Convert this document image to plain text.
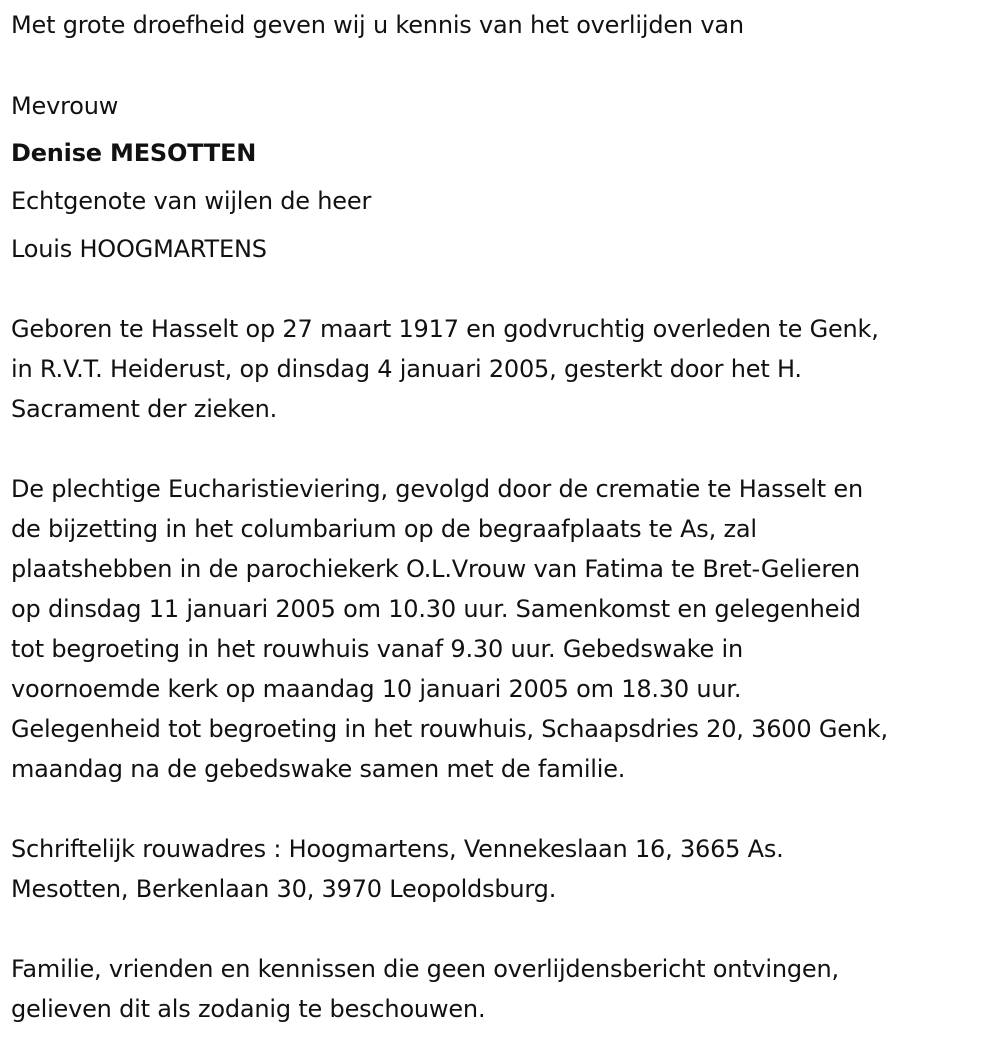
Met grote droefheid geven wij u kennis van het overlijden van
Mevrouw
Denise MESOTTEN
Echtgenote van wijlen de heer
Louis HOOGMARTENS
Geboren te Hasselt op 27 maart 1917 en godvruchtig overleden te Genk,
in R.V.T. Heiderust, op dinsdag 4 januari 2005, gesterkt door het H.
Sacrament der zieken.
De plechtige Eucharistieviering, gevolgd door de crematie te Hasselt en
de bijzetting in het columbarium op de begraafplaats te As, zal
plaatshebben in de parochiekerk O.L.Vrouw van Fatima te Bret-Gelieren
op dinsdag 11 januari 2005 om 10.30 uur. Samenkomst en gelegenheid
tot begroeting in het rouwhuis vanaf 9.30 uur. Gebedswake in
voornoemde kerk op maandag 10 januari 2005 om 18.30 uur.
Gelegenheid tot begroeting in het rouwhuis, Schaapsdries 20, 3600 Genk,
maandag na de gebedswake samen met de familie.
Schriftelijk rouwadres : Hoogmartens, Vennekeslaan 16, 3665 As.
Mesotten, Berkenlaan 30, 3970 Leopoldsburg.
Familie, vrienden en kennissen die geen overlijdensbericht ontvingen,
gelieven dit als zodanig te beschouwen.
